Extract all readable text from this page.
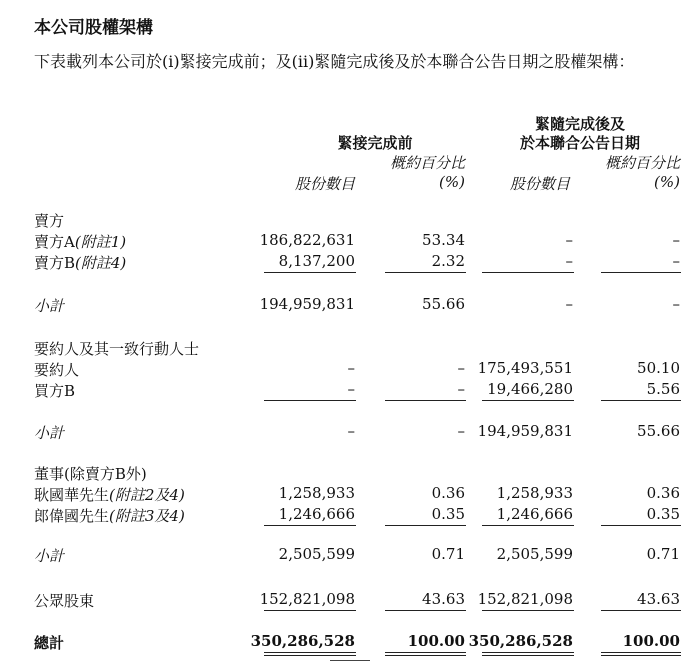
本公司股權架構
下表載列本公司於(i)緊接完成前；及(ii)緊隨完成後及於本聯合公告日期之股權架構：
緊接完成前
緊隨完成後及
於本聯合公告日期
概約百分比
(%)
概約百分比
(%)
股份數目	股份數目
賣方
賣方A(附註1)	186,822,631	53.34	–	–
賣方B(附註4)	8,137,200	2.32	–	–
小計	194,959,831	55.66	–	–
要約人及其一致行動人士
要約人	–	– 175,493,551	50.10
買方B	–	–	19,466,280	5.56
小計	–	– 194,959,831	55.66
董事(除賣方B外)
耿國華先生(附註2及4)	1,258,933	0.36	1,258,933	0.36
郎偉國先生(附註3及4)	1,246,666	0.35	1,246,666	0.35
小計	2,505,599	0.71	2,505,599	0.71
公眾股東	152,821,098	43.63 152,821,098	43.63
總計	350,286,528	100.00 350,286,528	100.00
